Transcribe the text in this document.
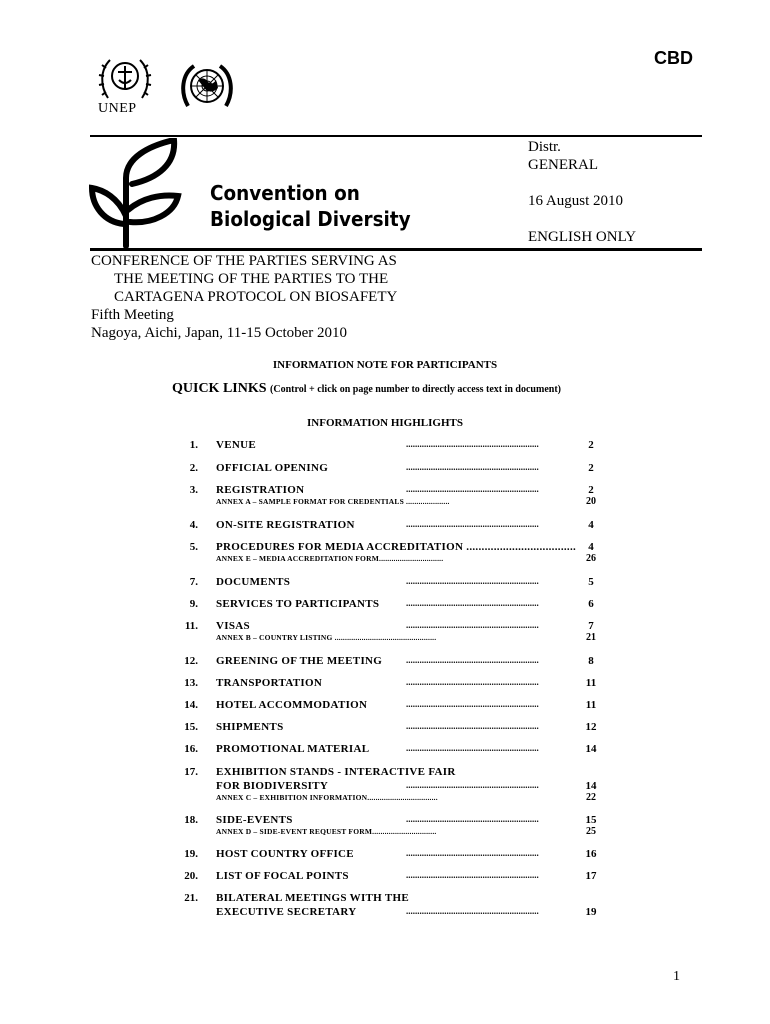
CBD
UNEP
Convention on
Biological Diversity
Distr.
GENERAL
16 August 2010
ENGLISH ONLY
CONFERENCE OF THE PARTIES SERVING AS
THE MEETING OF THE PARTIES TO THE
CARTAGENA PROTOCOL ON BIOSAFETY
Fifth Meeting
Nagoya, Aichi, Japan, 11-15 October 2010
INFORMATION NOTE FOR PARTICIPANTS
QUICK LINKS (Control + click on page number to directly access text in document)
INFORMATION HIGHLIGHTS
1. VENUE	...........................................................	2
2. OFFICIAL OPENING	...........................................................	2
3. REGISTRATION	...........................................................	2
ANNEX A – SAMPLE FORMAT FOR CREDENTIALS .....................	20
4. ON-SITE REGISTRATION	...........................................................	4
5. PROCEDURES FOR MEDIA ACCREDITATION ....................................	4
ANNEX E – MEDIA ACCREDITATION FORM...............................	26
7. DOCUMENTS	...........................................................	5
9. SERVICES TO PARTICIPANTS	...........................................................	6
11. VISAS	...........................................................	7
ANNEX B – COUNTRY LISTING .................................................	21
12. GREENING OF THE MEETING	...........................................................	8
13. TRANSPORTATION	...........................................................	11
14. HOTEL ACCOMMODATION	...........................................................	11
15. SHIPMENTS	...........................................................	12
16. PROMOTIONAL MATERIAL	...........................................................	14
17. EXHIBITION STANDS - INTERACTIVE FAIR
FOR BIODIVERSITY	...........................................................	14
ANNEX C – EXHIBITION INFORMATION..................................	22
18. SIDE-EVENTS	...........................................................	15
ANNEX D – SIDE-EVENT REQUEST FORM...............................	25
19. HOST COUNTRY OFFICE	...........................................................	16
20. LIST OF FOCAL POINTS	...........................................................	17
21. BILATERAL MEETINGS WITH THE
EXECUTIVE SECRETARY	...........................................................	19
1
